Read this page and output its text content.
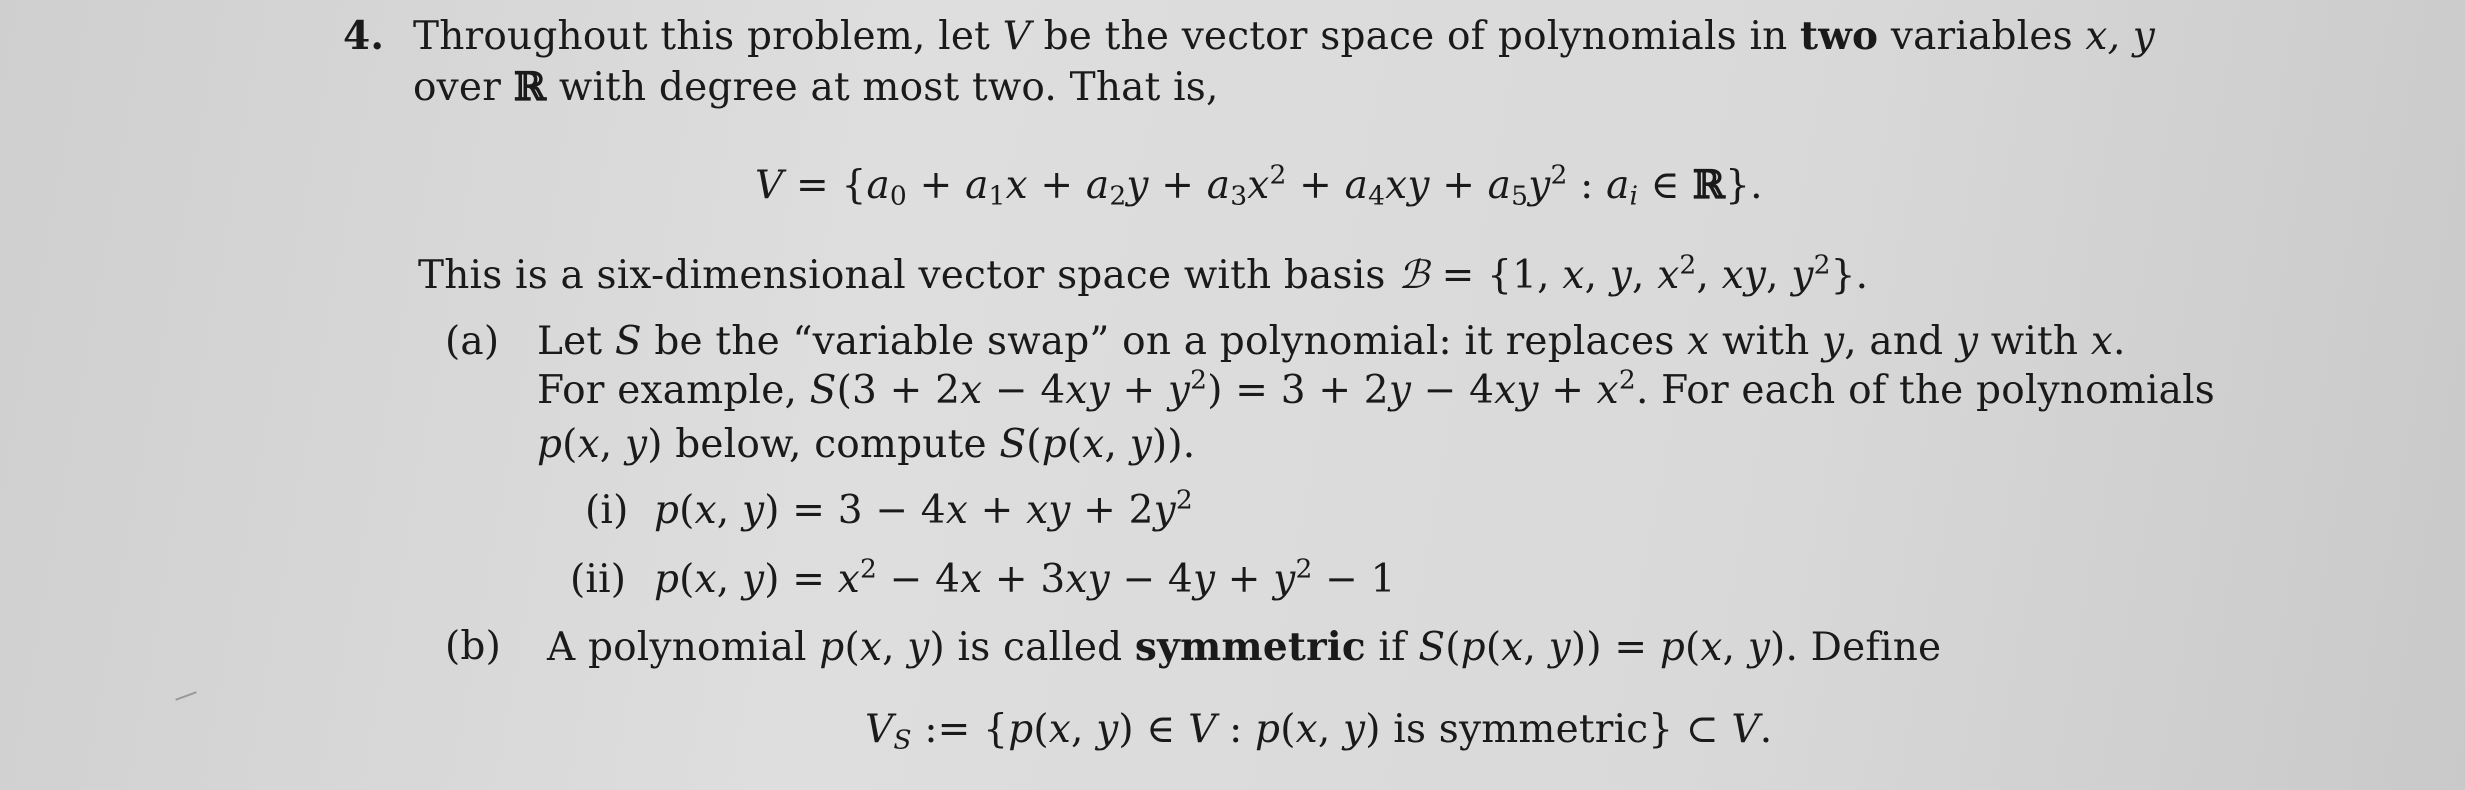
4. Throughout this problem, let V be the vector space of polynomials in two variables x, y
over ℝ with degree at most two. That is,
$V = \{a_0 + a_1x + a_2y + a_3x^2 + a_4xy + a_5y^2$ : $a_i$ ∈ ℝ}.
This is a six-dimensional vector space with basis ℬ = {1, x, y, $x^2$, xy, $y^2$}.
(a) Let S be the “variable swap” on a polynomial: it replaces x with y, and y with x.
For example, $S(3 + 2x - 4xy + y^2) = 3 + 2y - 4xy + x^2$. For each of the polynomials
p(x, y) below, compute S(p(x, y)).
(i) p(x, y) = 3 − 4x + xy + $2y^2$
(ii) p(x, $y) = x^2 - 4x + 3xy - 4y + y^2 - 1$
(b) A polynomial p(x, y) is called symmetric if S(p(x, y)) = p(x, y). Define
$V_S$ := {p(x, y) ∈ V : p(x, y) is symmetric} ⊂ V.
